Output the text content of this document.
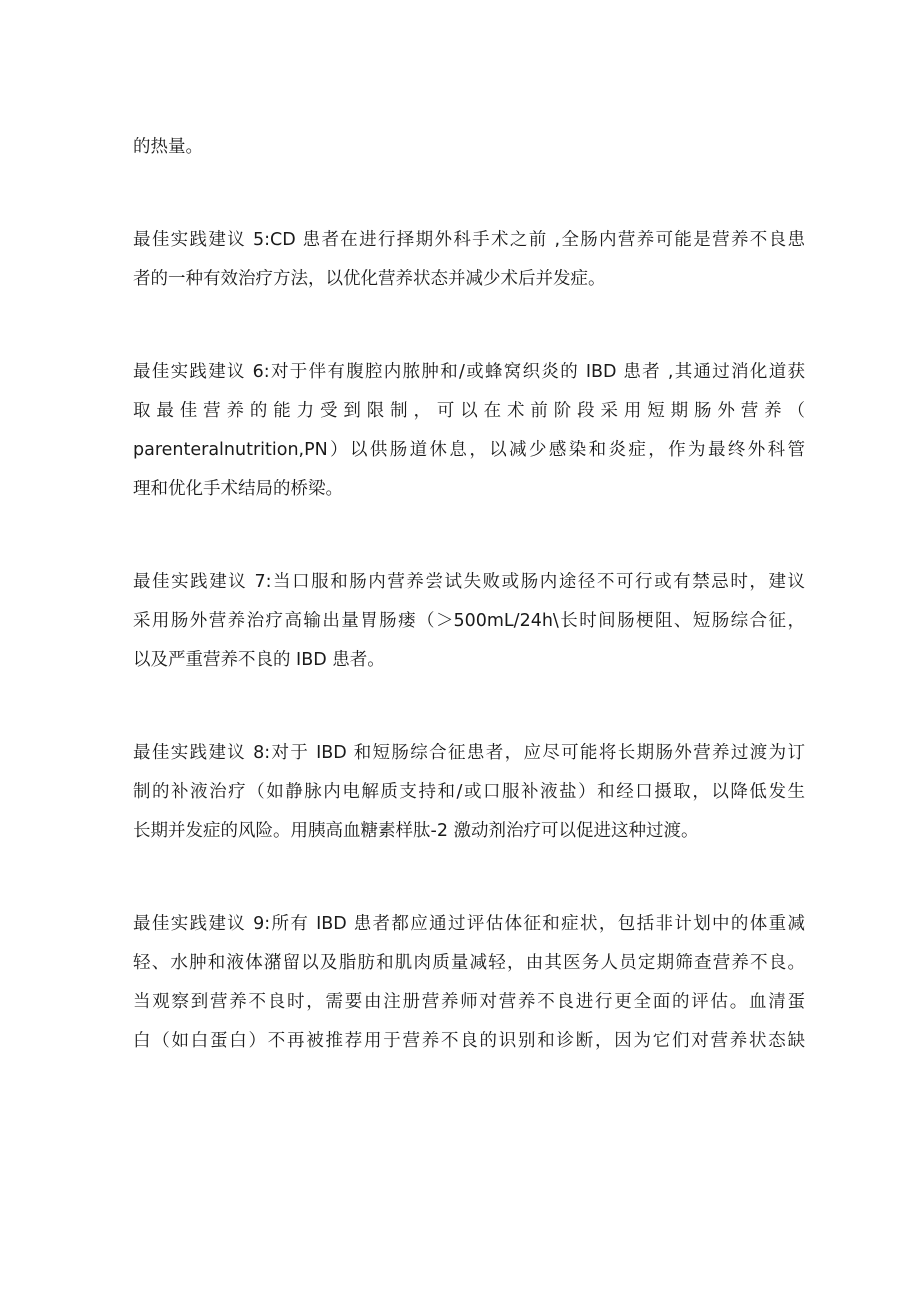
的热量。

最佳实践建议 5:CD 患者在进行择期外科手术之前 ,全肠内营养可能是营养不良患
者的一种有效治疗方法，以优化营养状态并减少术后并发症。

最佳实践建议 6:对于伴有腹腔内脓肿和/或蜂窝织炎的 IBD 患者 ,其通过消化道获
取最佳营养的能力受到限制，可以在术前阶段采用短期肠外营养（
parenteralnutrition,PN）以供肠道休息，以减少感染和炎症，作为最终外科管
理和优化手术结局的桥梁。

最佳实践建议 7:当口服和肠内营养尝试失败或肠内途径不可行或有禁忌时，建议
采用肠外营养治疗高输出量胃肠瘘（＞500mL/24h\长时间肠梗阻、短肠综合征，
以及严重营养不良的 IBD 患者。

最佳实践建议 8:对于 IBD 和短肠综合征患者，应尽可能将长期肠外营养过渡为订
制的补液治疗（如静脉内电解质支持和/或口服补液盐）和经口摄取，以降低发生
长期并发症的风险。用胰高血糖素样肽-2 激动剂治疗可以促进这种过渡。

最佳实践建议 9:所有 IBD 患者都应通过评估体征和症状，包括非计划中的体重减
轻、水肿和液体潴留以及脂肪和肌肉质量减轻，由其医务人员定期筛查营养不良。
当观察到营养不良时，需要由注册营养师对营养不良进行更全面的评估。血清蛋
白（如白蛋白）不再被推荐用于营养不良的识别和诊断，因为它们对营养状态缺
